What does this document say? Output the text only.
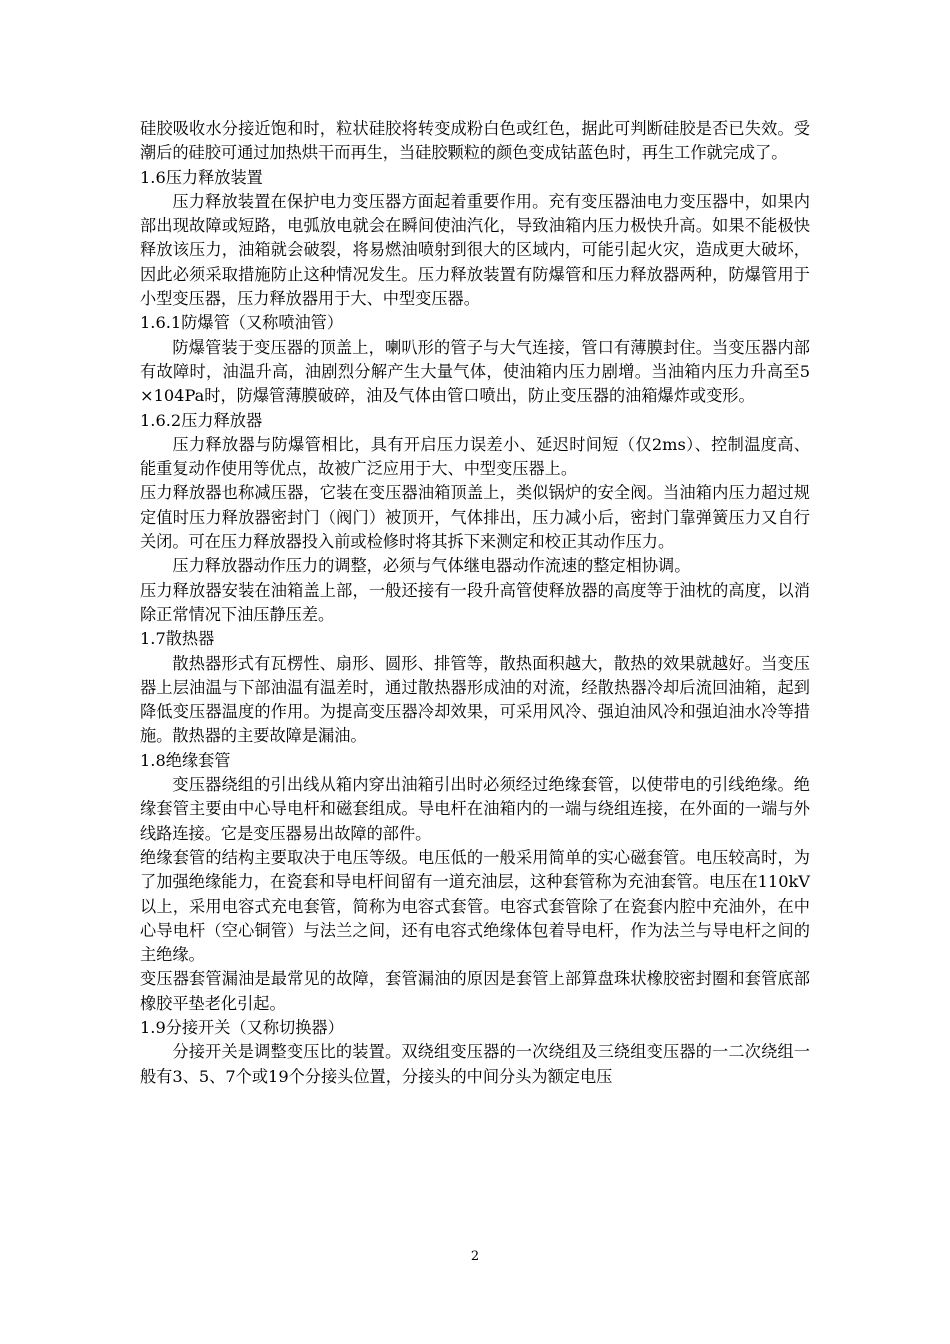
硅胶吸收水分接近饱和时，粒状硅胶将转变成粉白色或红色，据此可判断硅胶是否已失效。受潮后的硅胶可通过加热烘干而再生，当硅胶颗粒的颜色变成钴蓝色时，再生工作就完成了。

1.6压力释放装置

压力释放装置在保护电力变压器方面起着重要作用。充有变压器油电力变压器中，如果内部出现故障或短路，电弧放电就会在瞬间使油汽化，导致油箱内压力极快升高。如果不能极快释放该压力，油箱就会破裂，将易燃油喷射到很大的区域内，可能引起火灾，造成更大破坏，因此必须采取措施防止这种情况发生。压力释放装置有防爆管和压力释放器两种，防爆管用于小型变压器，压力释放器用于大、中型变压器。

1.6.1防爆管（又称喷油管）

防爆管装于变压器的顶盖上，喇叭形的管子与大气连接，管口有薄膜封住。当变压器内部有故障时，油温升高，油剧烈分解产生大量气体，使油箱内压力剧增。当油箱内压力升高至5×104Pa时，防爆管薄膜破碎，油及气体由管口喷出，防止变压器的油箱爆炸或变形。

1.6.2压力释放器

压力释放器与防爆管相比，具有开启压力误差小、延迟时间短（仅2ms）、控制温度高、能重复动作使用等优点，故被广泛应用于大、中型变压器上。

压力释放器也称减压器，它装在变压器油箱顶盖上，类似锅炉的安全阀。当油箱内压力超过规定值时压力释放器密封门（阀门）被顶开，气体排出，压力减小后，密封门靠弹簧压力又自行关闭。可在压力释放器投入前或检修时将其拆下来测定和校正其动作压力。

压力释放器动作压力的调整，必须与气体继电器动作流速的整定相协调。

压力释放器安装在油箱盖上部，一般还接有一段升高管使释放器的高度等于油枕的高度，以消除正常情况下油压静压差。

1.7散热器

散热器形式有瓦楞性、扇形、圆形、排管等，散热面积越大，散热的效果就越好。当变压器上层油温与下部油温有温差时，通过散热器形成油的对流，经散热器冷却后流回油箱，起到降低变压器温度的作用。为提高变压器冷却效果，可采用风冷、强迫油风冷和强迫油水冷等措施。散热器的主要故障是漏油。

1.8绝缘套管

变压器绕组的引出线从箱内穿出油箱引出时必须经过绝缘套管，以使带电的引线绝缘。绝缘套管主要由中心导电杆和磁套组成。导电杆在油箱内的一端与绕组连接，在外面的一端与外线路连接。它是变压器易出故障的部件。

绝缘套管的结构主要取决于电压等级。电压低的一般采用简单的实心磁套管。电压较高时，为了加强绝缘能力，在瓷套和导电杆间留有一道充油层，这种套管称为充油套管。电压在110kV以上，采用电容式充电套管，简称为电容式套管。电容式套管除了在瓷套内腔中充油外，在中心导电杆（空心铜管）与法兰之间，还有电容式绝缘体包着导电杆，作为法兰与导电杆之间的主绝缘。

变压器套管漏油是最常见的故障，套管漏油的原因是套管上部算盘珠状橡胶密封圈和套管底部橡胶平垫老化引起。

1.9分接开关（又称切换器）

分接开关是调整变压比的装置。双绕组变压器的一次绕组及三绕组变压器的一二次绕组一般有3、5、7个或19个分接头位置，分接头的中间分头为额定电压

2
